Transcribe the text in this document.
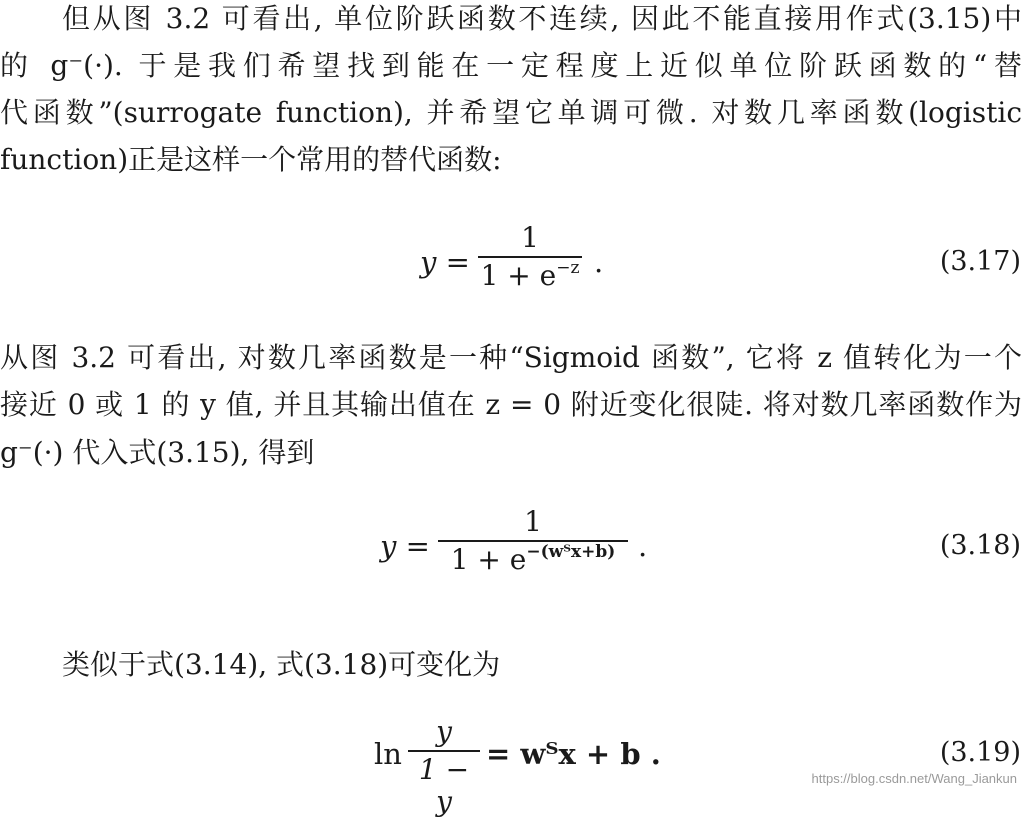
但从图 3.2 可看出, 单位阶跃函数不连续, 因此不能直接用作式(3.15)中
的 g⁻(·). 于是我们希望找到能在一定程度上近似单位阶跃函数的“替
代函数”(surrogate function), 并希望它单调可微. 对数几率函数(logistic
function)正是这样一个常用的替代函数:
y =
1
$1 + e^{-z}$ .	(3.17)
从图 3.2 可看出, 对数几率函数是一种“Sigmoid 函数”, 它将 z 值转化为一个
接近 0 或 1 的 y 值, 并且其输出值在 z = 0 附近变化很陡. 将对数几率函数作为
g⁻(·) 代入式(3.15), 得到
y =
1
$1 + e^{-(wᵀx+b)}$ .	(3.18)
类似于式(3.14), 式(3.18)可变化为
ln
y
1 − y
= wᵀx + b .	(3.19)
https://blog.csdn.net/Wang_Jiankun
